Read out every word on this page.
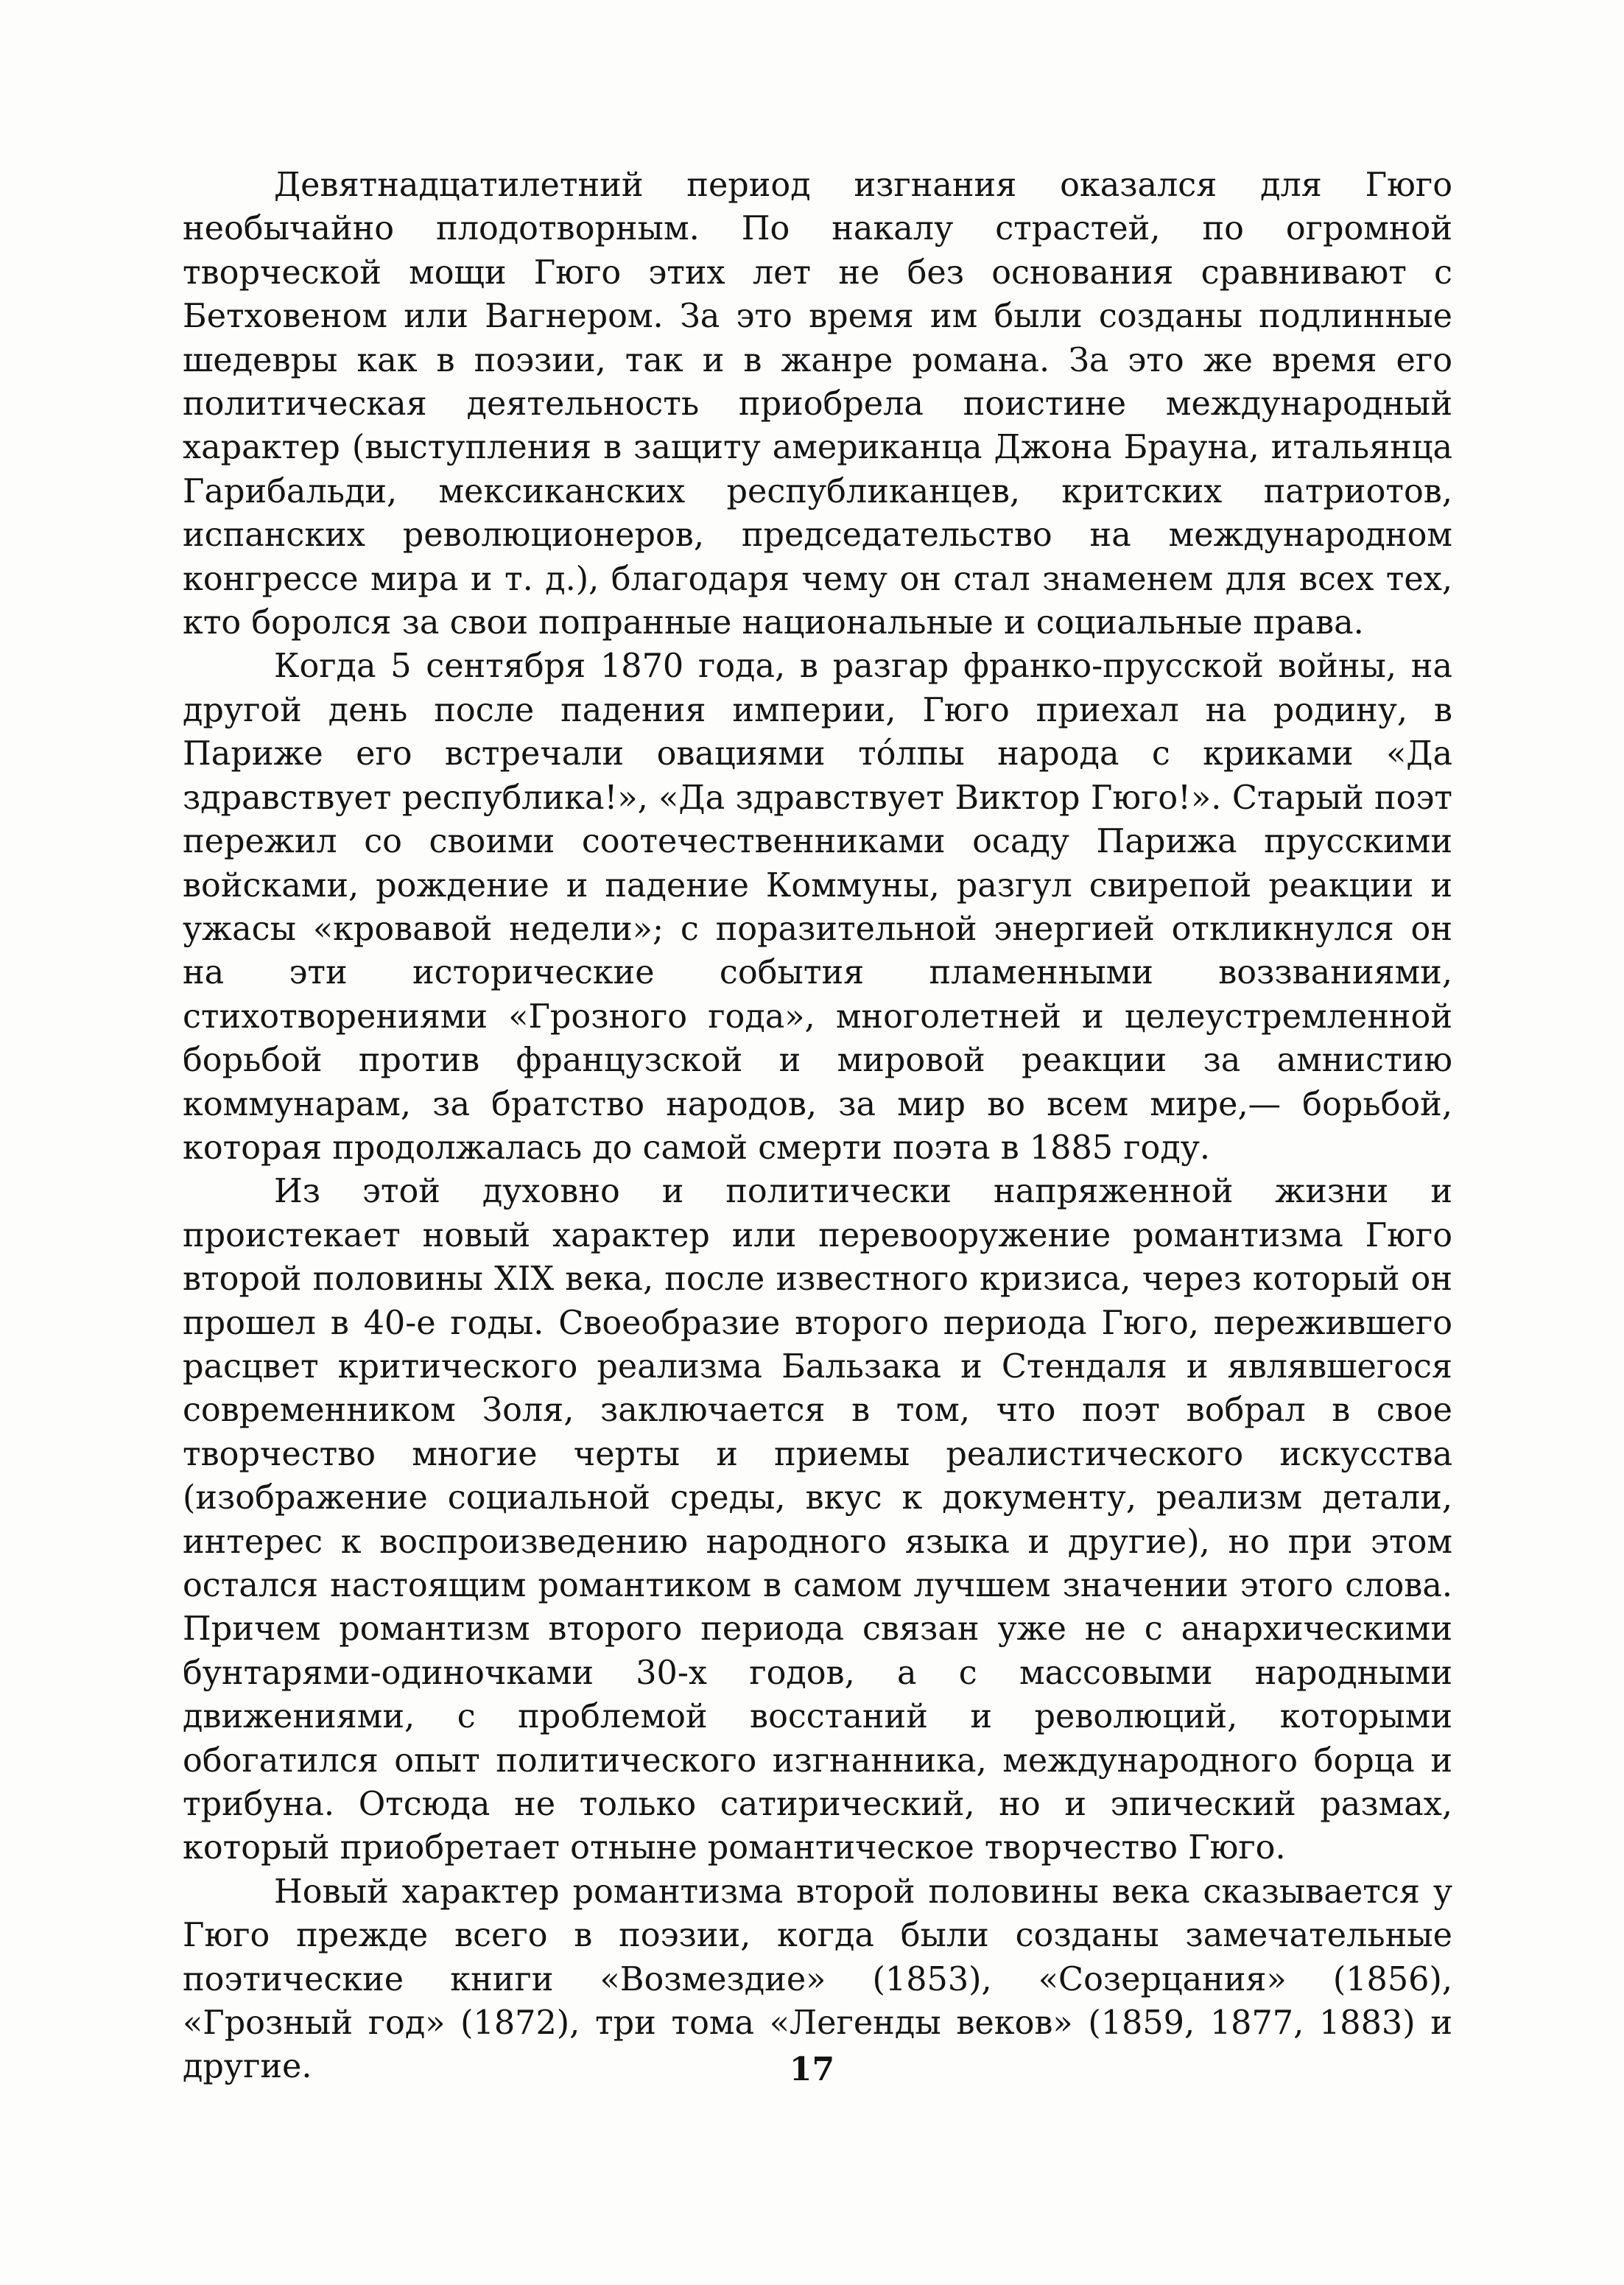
Девятнадцатилетний период изгнания оказался для Гюго необычайно плодотворным. По накалу страстей, по огромной творческой мощи Гюго этих лет не без основания сравнивают с Бетховеном или Вагнером. За это время им были созданы подлинные шедевры как в поэзии, так и в жанре романа. За это же время его политическая деятельность приобрела поистине международный характер (выступления в защиту американца Джона Брауна, итальянца Гарибальди, мексиканских республиканцев, критских патриотов, испанских революционеров, председательство на международном конгрессе мира и т. д.), благодаря чему он стал знаменем для всех тех, кто боролся за свои попранные национальные и социальные права.

Когда 5 сентября 1870 года, в разгар франко-прусской войны, на другой день после падения империи, Гюго приехал на родину, в Париже его встречали овациями тóлпы народа с криками «Да здравствует республика!», «Да здравствует Виктор Гюго!». Старый поэт пережил со своими соотечественниками осаду Парижа прусскими войсками, рождение и падение Коммуны, разгул свирепой реакции и ужасы «кровавой недели»; с поразительной энергией откликнулся он на эти исторические события пламенными воззваниями, стихотворениями «Грозного года», многолетней и целеустремленной борьбой против французской и мировой реакции за амнистию коммунарам, за братство народов, за мир во всем мире,— борьбой, которая продолжалась до самой смерти поэта в 1885 году.

Из этой духовно и политически напряженной жизни и проистекает новый характер или перевооружение романтизма Гюго второй половины XIX века, после известного кризиса, через который он прошел в 40-е годы. Своеобразие второго периода Гюго, пережившего расцвет критического реализма Бальзака и Стендаля и являвшегося современником Золя, заключается в том, что поэт вобрал в свое творчество многие черты и приемы реалистического искусства (изображение социальной среды, вкус к документу, реализм детали, интерес к воспроизведению народного языка и другие), но при этом остался настоящим романтиком в самом лучшем значении этого слова. Причем романтизм второго периода связан уже не с анархическими бунтарями-одиночками 30-х годов, а с массовыми народными движениями, с проблемой восстаний и революций, которыми обогатился опыт политического изгнанника, международного борца и трибуна. Отсюда не только сатирический, но и эпический размах, который приобретает отныне романтическое творчество Гюго.

Новый характер романтизма второй половины века сказывается у Гюго прежде всего в поэзии, когда были созданы замечательные поэтические книги «Возмездие» (1853), «Созерцания» (1856), «Грозный год» (1872), три тома «Легенды веков» (1859, 1877, 1883) и другие.	17
